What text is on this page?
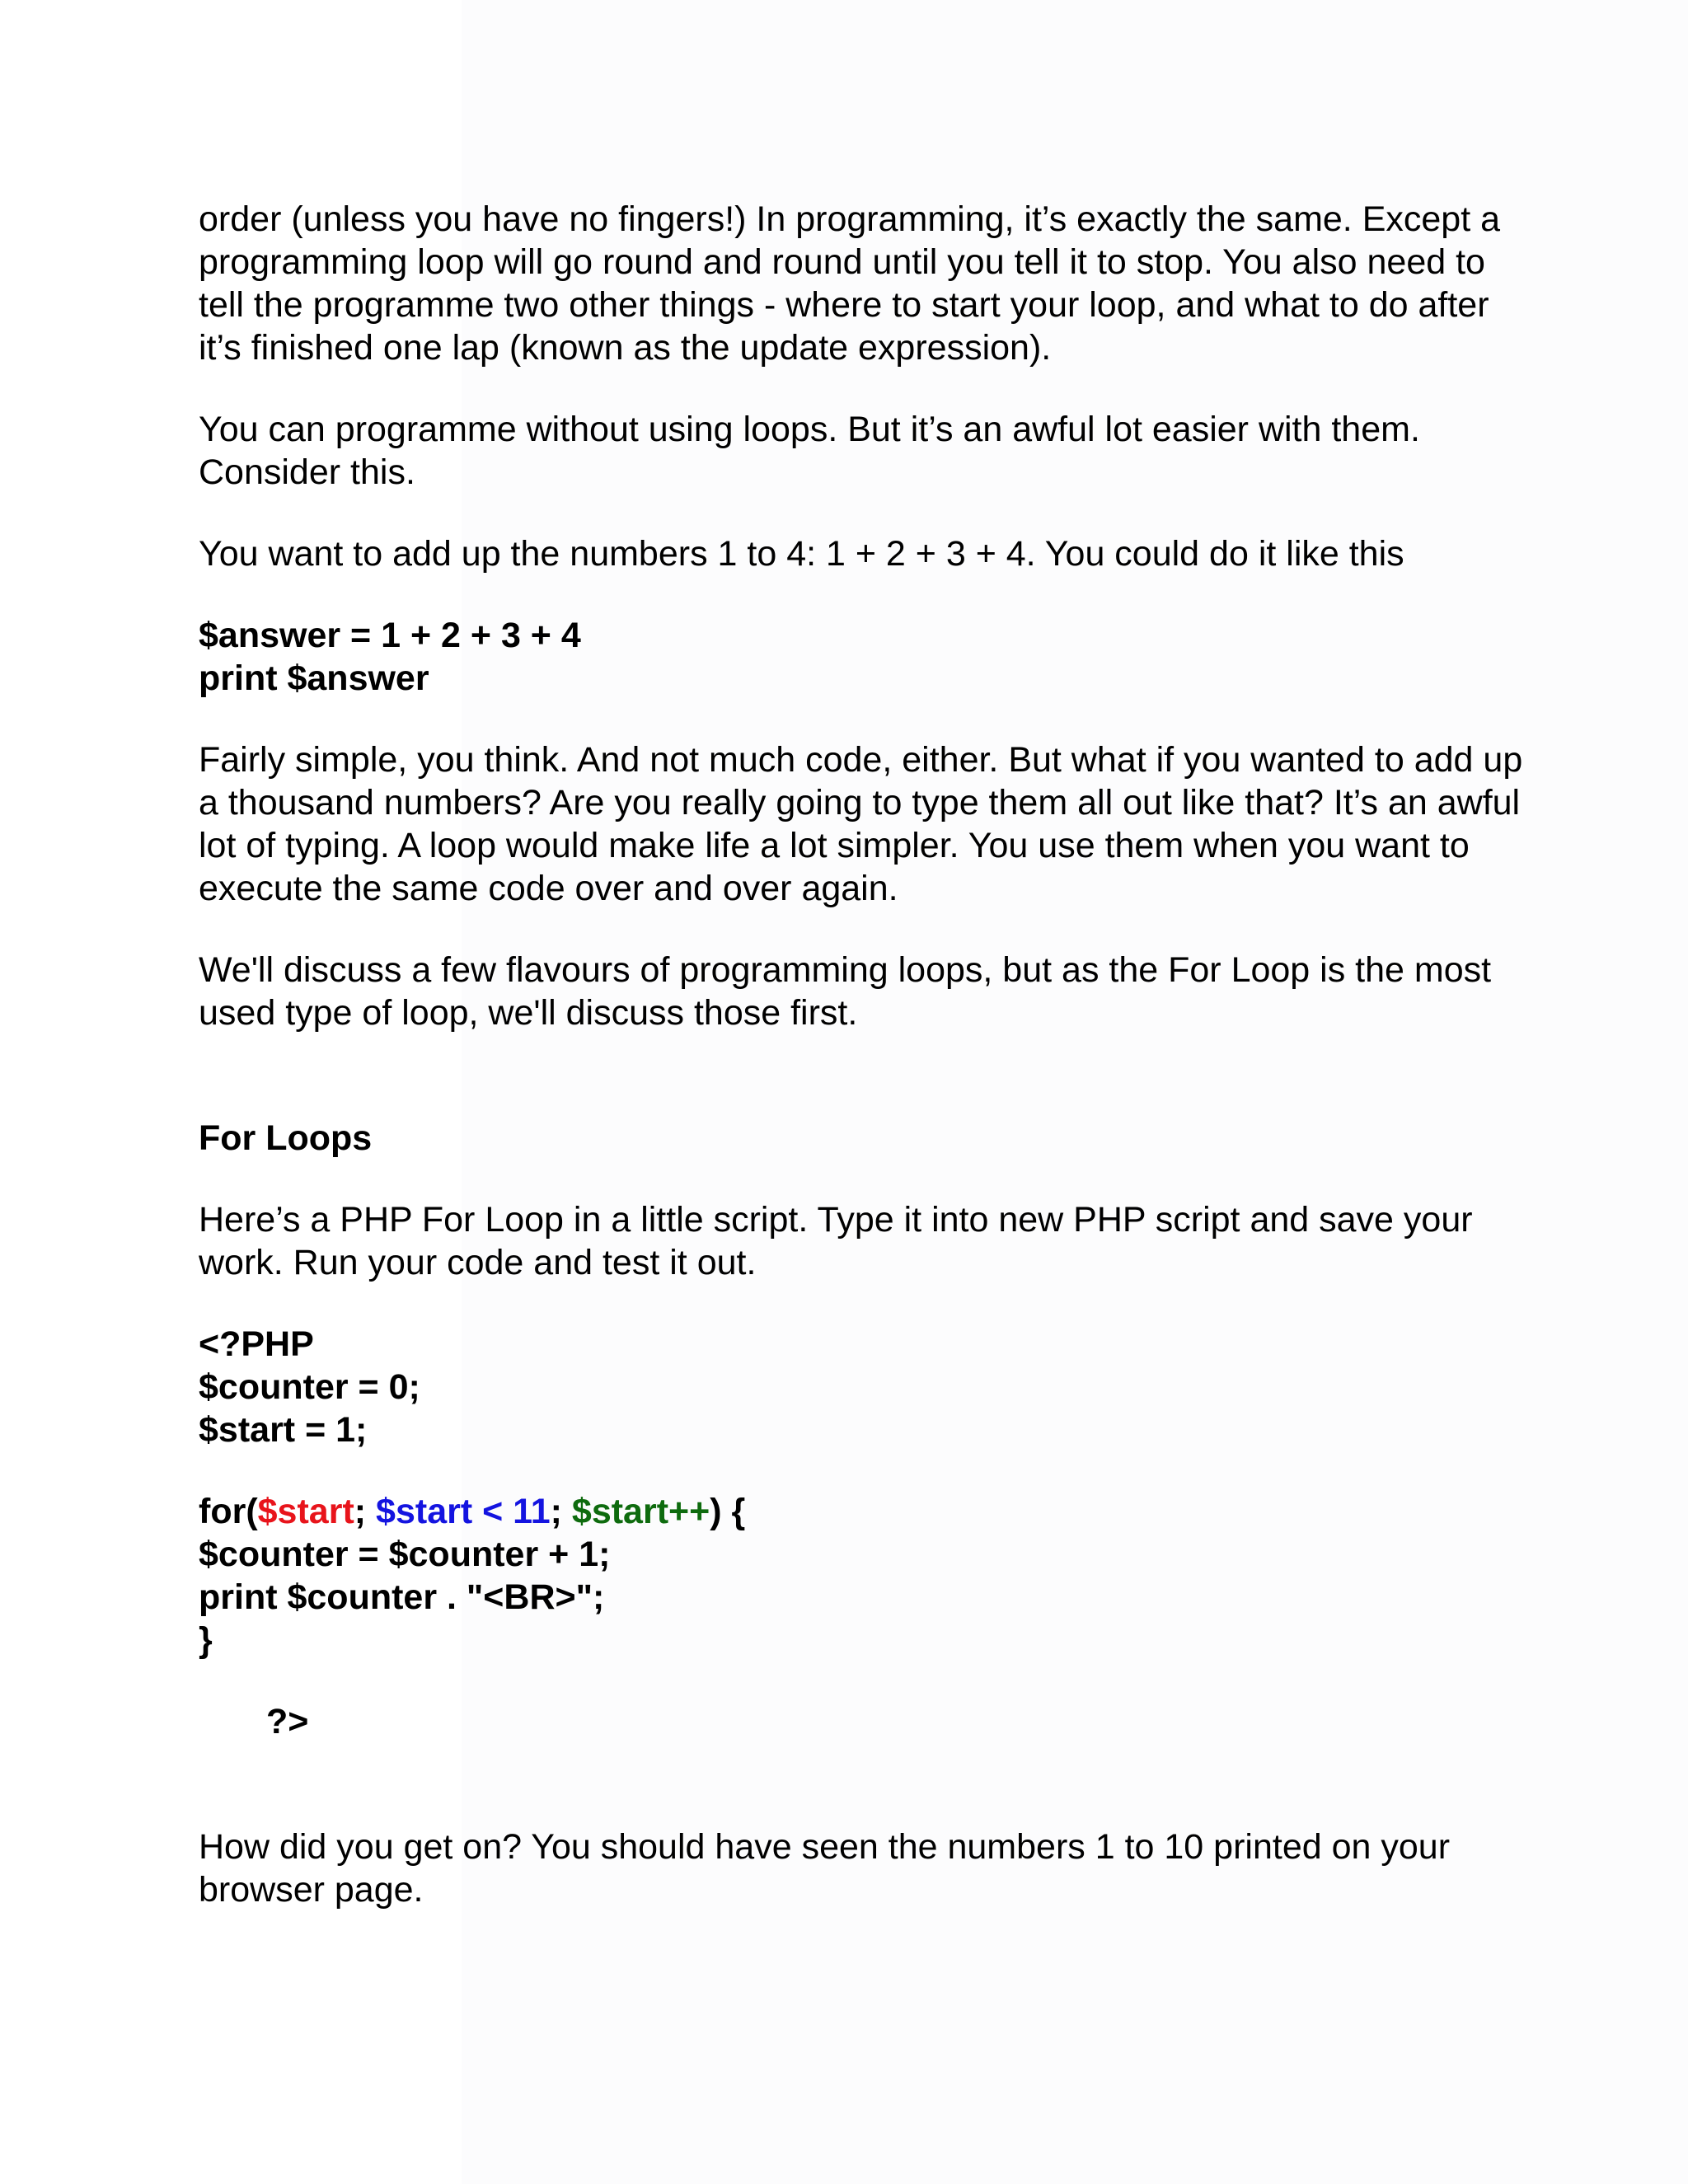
order (unless you have no fingers!) In programming, it’s exactly the same. Except a programming loop will go round and round until you tell it to stop. You also need to tell the programme two other things - where to start your loop, and what to do after it’s finished one lap (known as the update expression).

You can programme without using loops. But it’s an awful lot easier with them. Consider this.

You want to add up the numbers 1 to 4: 1 + 2 + 3 + 4. You could do it like this

$answer = 1 + 2 + 3 + 4
print $answer

Fairly simple, you think. And not much code, either. But what if you wanted to add up a thousand numbers? Are you really going to type them all out like that? It’s an awful lot of typing. A loop would make life a lot simpler. You use them when you want to execute the same code over and over again.

We'll discuss a few flavours of programming loops, but as the For Loop is the most used type of loop, we'll discuss those first.

For Loops

Here’s a PHP For Loop in a little script. Type it into new PHP script and save your work. Run your code and test it out.

<?PHP
$counter = 0;
$start = 1;
for($start; $start < 11; $start++) {
$counter = $counter + 1;
print $counter . "<BR>";
}
?>

How did you get on? You should have seen the numbers 1 to 10 printed on your browser page.
